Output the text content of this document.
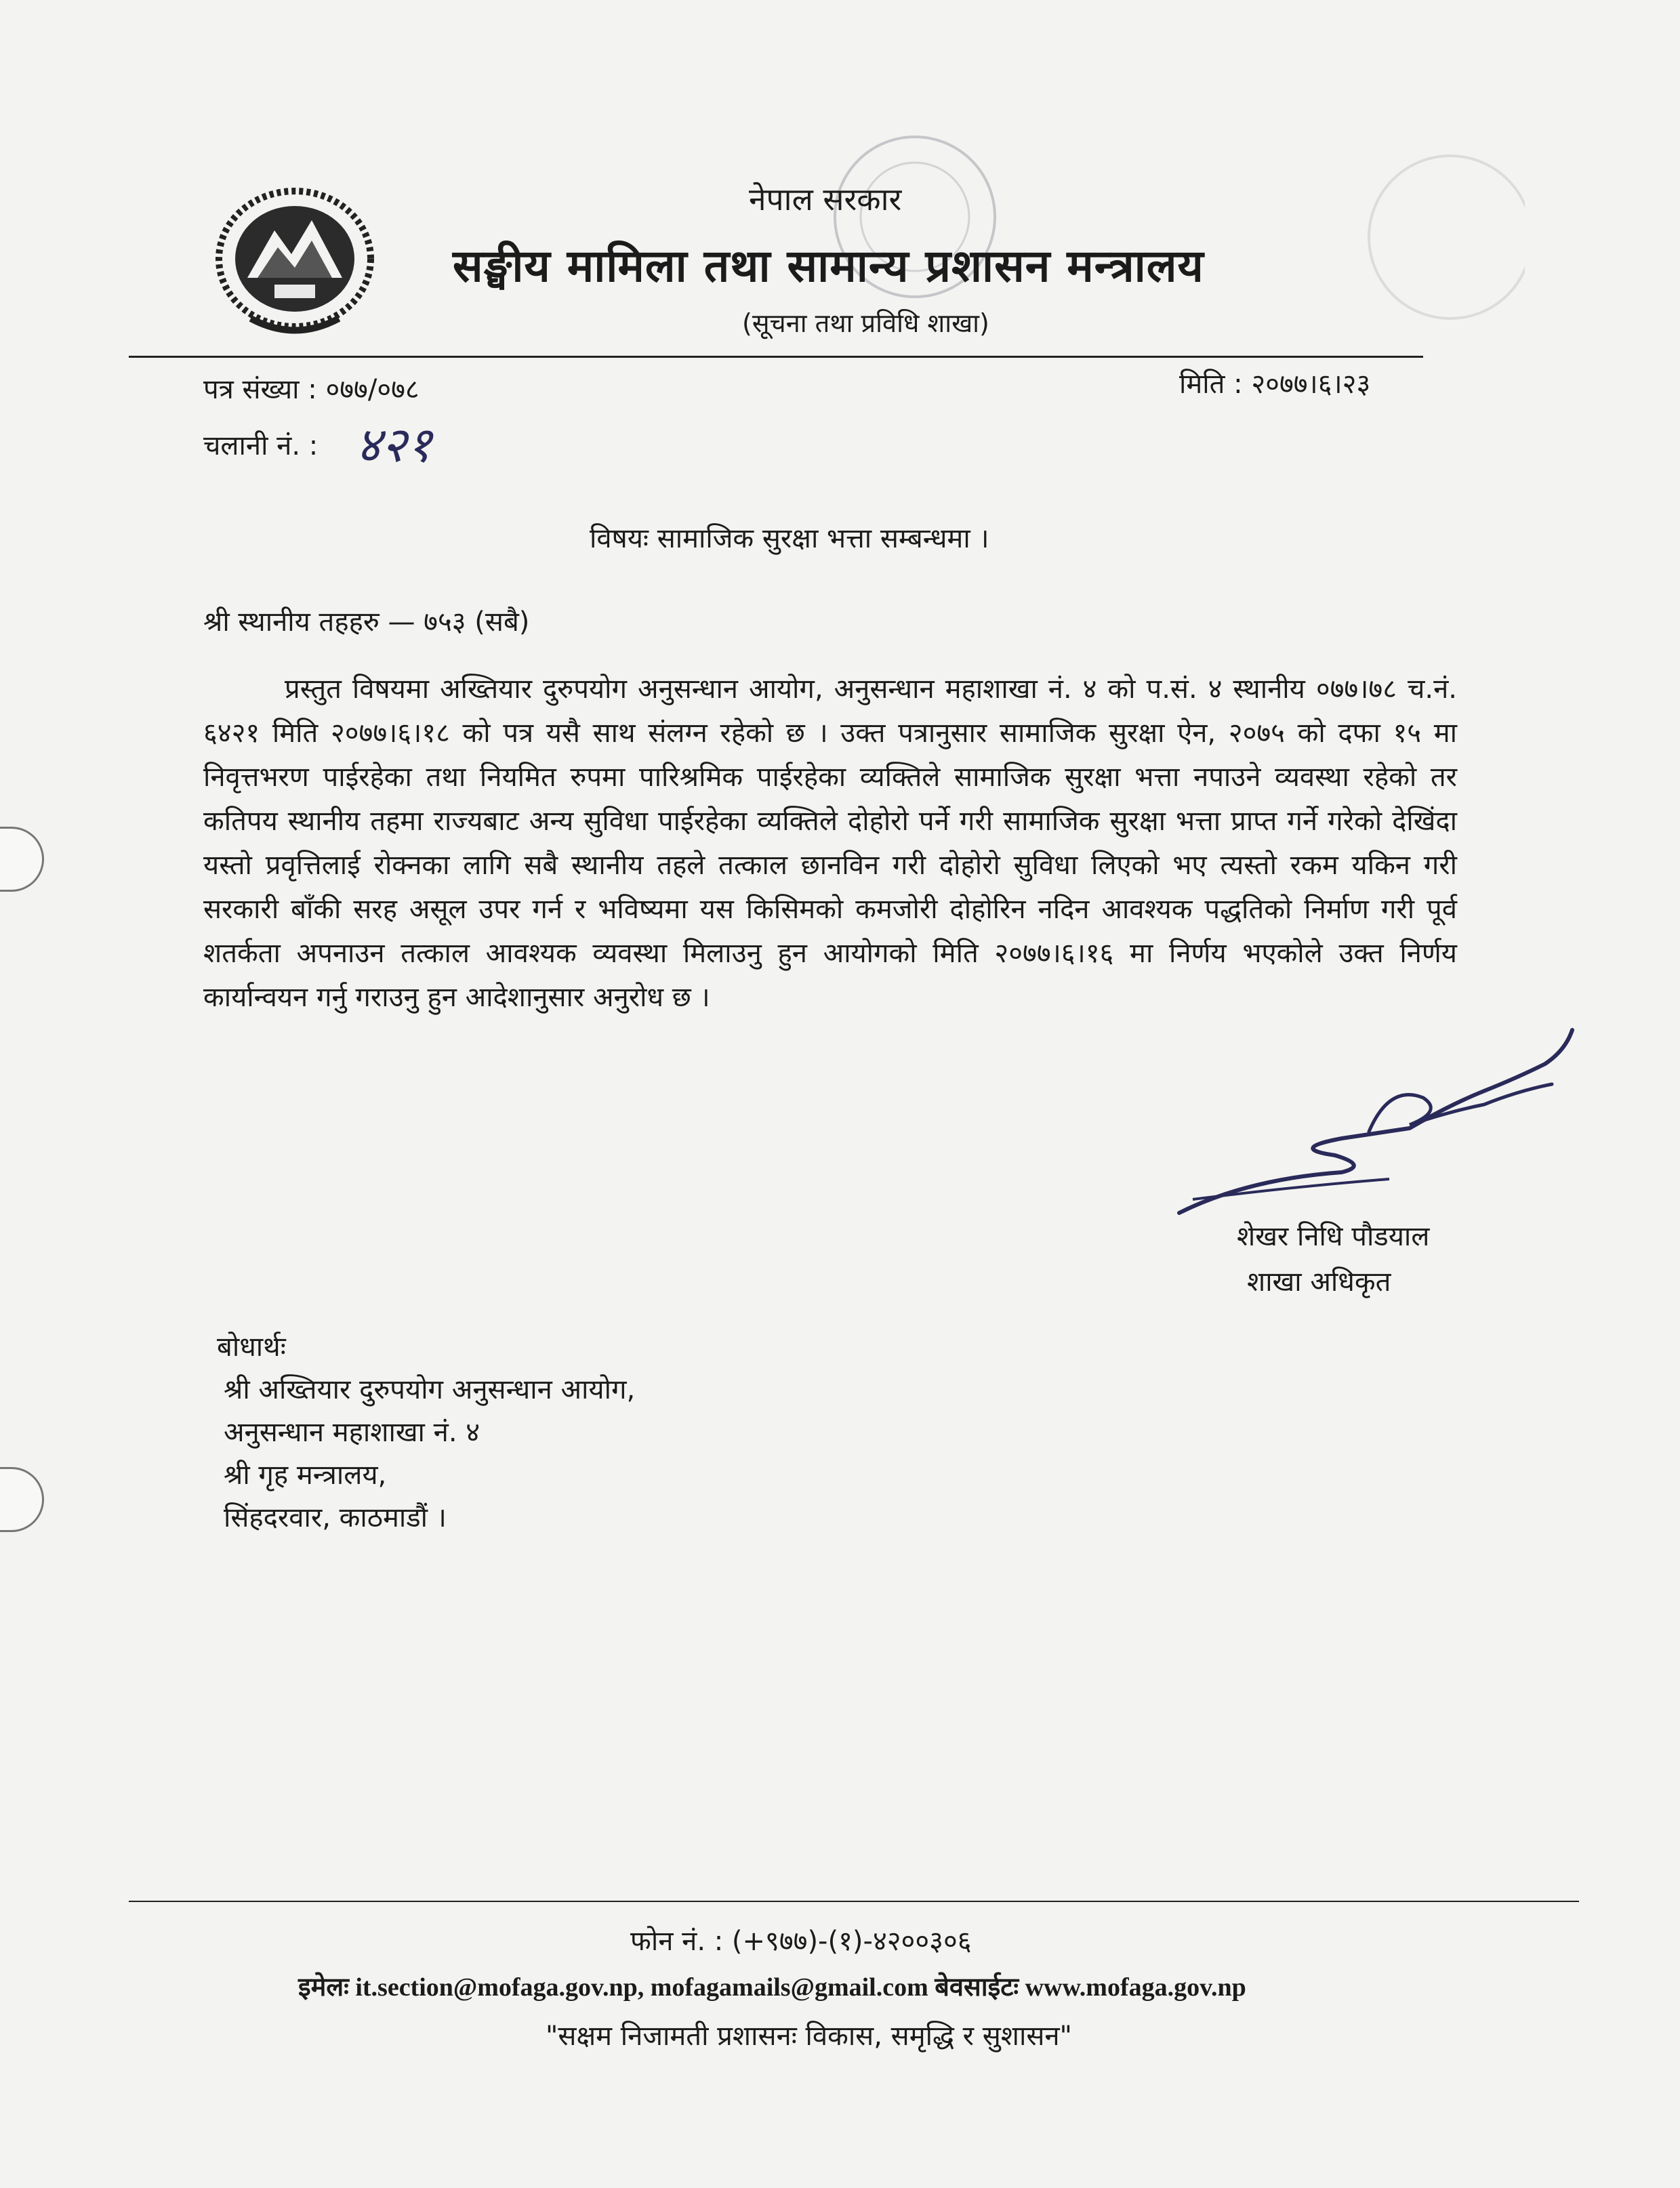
नेपाल सरकार
सङ्घीय मामिला तथा सामान्य प्रशासन मन्त्रालय
(सूचना तथा प्रविधि शाखा)
पत्र संख्या : ०७७/०७८	मिति : २०७७।६।२३
चलानी नं. : ४२१
विषयः सामाजिक सुरक्षा भत्ता सम्बन्धमा ।
श्री स्थानीय तहहरु — ७५३ (सबै)
प्रस्तुत विषयमा अख्तियार दुरुपयोग अनुसन्धान आयोग, अनुसन्धान महाशाखा नं. ४ को प.सं. ४ स्थानीय ०७७।७८ च.नं. ६४२१ मिति २०७७।६।१८ को पत्र यसै साथ संलग्न रहेको छ । उक्त पत्रानुसार सामाजिक सुरक्षा ऐन, २०७५ को दफा १५ मा निवृत्तभरण पाईरहेका तथा नियमित रुपमा पारिश्रमिक पाईरहेका व्यक्तिले सामाजिक सुरक्षा भत्ता नपाउने व्यवस्था रहेको तर कतिपय स्थानीय तहमा राज्यबाट अन्य सुविधा पाईरहेका व्यक्तिले दोहोरो पर्ने गरी सामाजिक सुरक्षा भत्ता प्राप्त गर्ने गरेको देखिंदा यस्तो प्रवृत्तिलाई रोक्नका लागि सबै स्थानीय तहले तत्काल छानविन गरी दोहोरो सुविधा लिएको भए त्यस्तो रकम यकिन गरी सरकारी बाँकी सरह असूल उपर गर्न र भविष्यमा यस किसिमको कमजोरी दोहोरिन नदिन आवश्यक पद्धतिको निर्माण गरी पूर्व शतर्कता अपनाउन तत्काल आवश्यक व्यवस्था मिलाउनु हुन आयोगको मिति २०७७।६।१६ मा निर्णय भएकोले उक्त निर्णय कार्यान्वयन गर्नु गराउनु हुन आदेशानुसार अनुरोध छ ।
शेखर निधि पौडयाल
शाखा अधिकृत
बोधार्थः
श्री अख्तियार दुरुपयोग अनुसन्धान आयोग,
अनुसन्धान महाशाखा नं. ४
श्री गृह मन्त्रालय,
सिंहदरवार, काठमाडौं ।
फोन नं. : (+९७७)-(१)-४२००३०६
इमेलः it.section@mofaga.gov.np, mofagamails@gmail.com बेवसाईटः www.mofaga.gov.np
"सक्षम निजामती प्रशासनः विकास, समृद्धि र सुशासन"
